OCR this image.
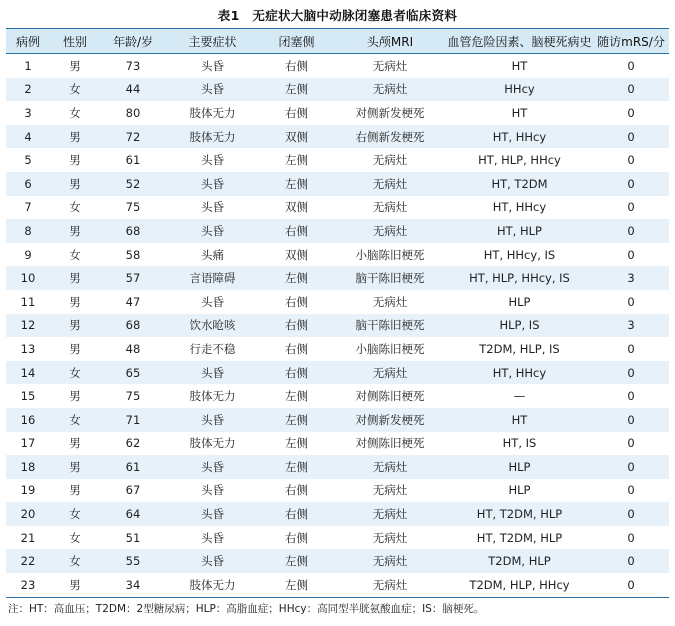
表1　无症状大脑中动脉闭塞患者临床资料
病例	性别	年龄/岁	主要症状	闭塞侧	头颅MRI	血管危险因素、脑梗死病史	随访mRS/分
1	男	73	头昏	右侧	无病灶	HT	0
2	女	44	头昏	左侧	无病灶	HHcy	0
3	女	80	肢体无力	右侧	对侧新发梗死	HT	0
4	男	72	肢体无力	双侧	右侧新发梗死	HT, HHcy	0
5	男	61	头昏	左侧	无病灶	HT, HLP, HHcy	0
6	男	52	头昏	左侧	无病灶	HT, T2DM	0
7	女	75	头昏	双侧	无病灶	HT, HHcy	0
8	男	68	头昏	右侧	无病灶	HT, HLP	0
9	女	58	头痛	双侧	小脑陈旧梗死	HT, HHcy, IS	0
10	男	57	言语障碍	左侧	脑干陈旧梗死	HT, HLP, HHcy, IS	3
11	男	47	头昏	右侧	无病灶	HLP	0
12	男	68	饮水呛咳	右侧	脑干陈旧梗死	HLP, IS	3
13	男	48	行走不稳	右侧	小脑陈旧梗死	T2DM, HLP, IS	0
14	女	65	头昏	右侧	无病灶	HT, HHcy	0
15	男	75	肢体无力	左侧	对侧陈旧梗死	—	0
16	女	71	头昏	左侧	对侧新发梗死	HT	0
17	男	62	肢体无力	左侧	对侧陈旧梗死	HT, IS	0
18	男	61	头昏	左侧	无病灶	HLP	0
19	男	67	头昏	右侧	无病灶	HLP	0
20	女	64	头昏	右侧	无病灶	HT, T2DM, HLP	0
21	女	51	头昏	右侧	无病灶	HT, T2DM, HLP	0
22	女	55	头昏	左侧	无病灶	T2DM, HLP	0
23	男	34	肢体无力	左侧	无病灶	T2DM, HLP, HHcy	0
注：HT：高血压；T2DM：2型糖尿病；HLP：高脂血症；HHcy：高同型半胱氨酸血症；IS：脑梗死。
